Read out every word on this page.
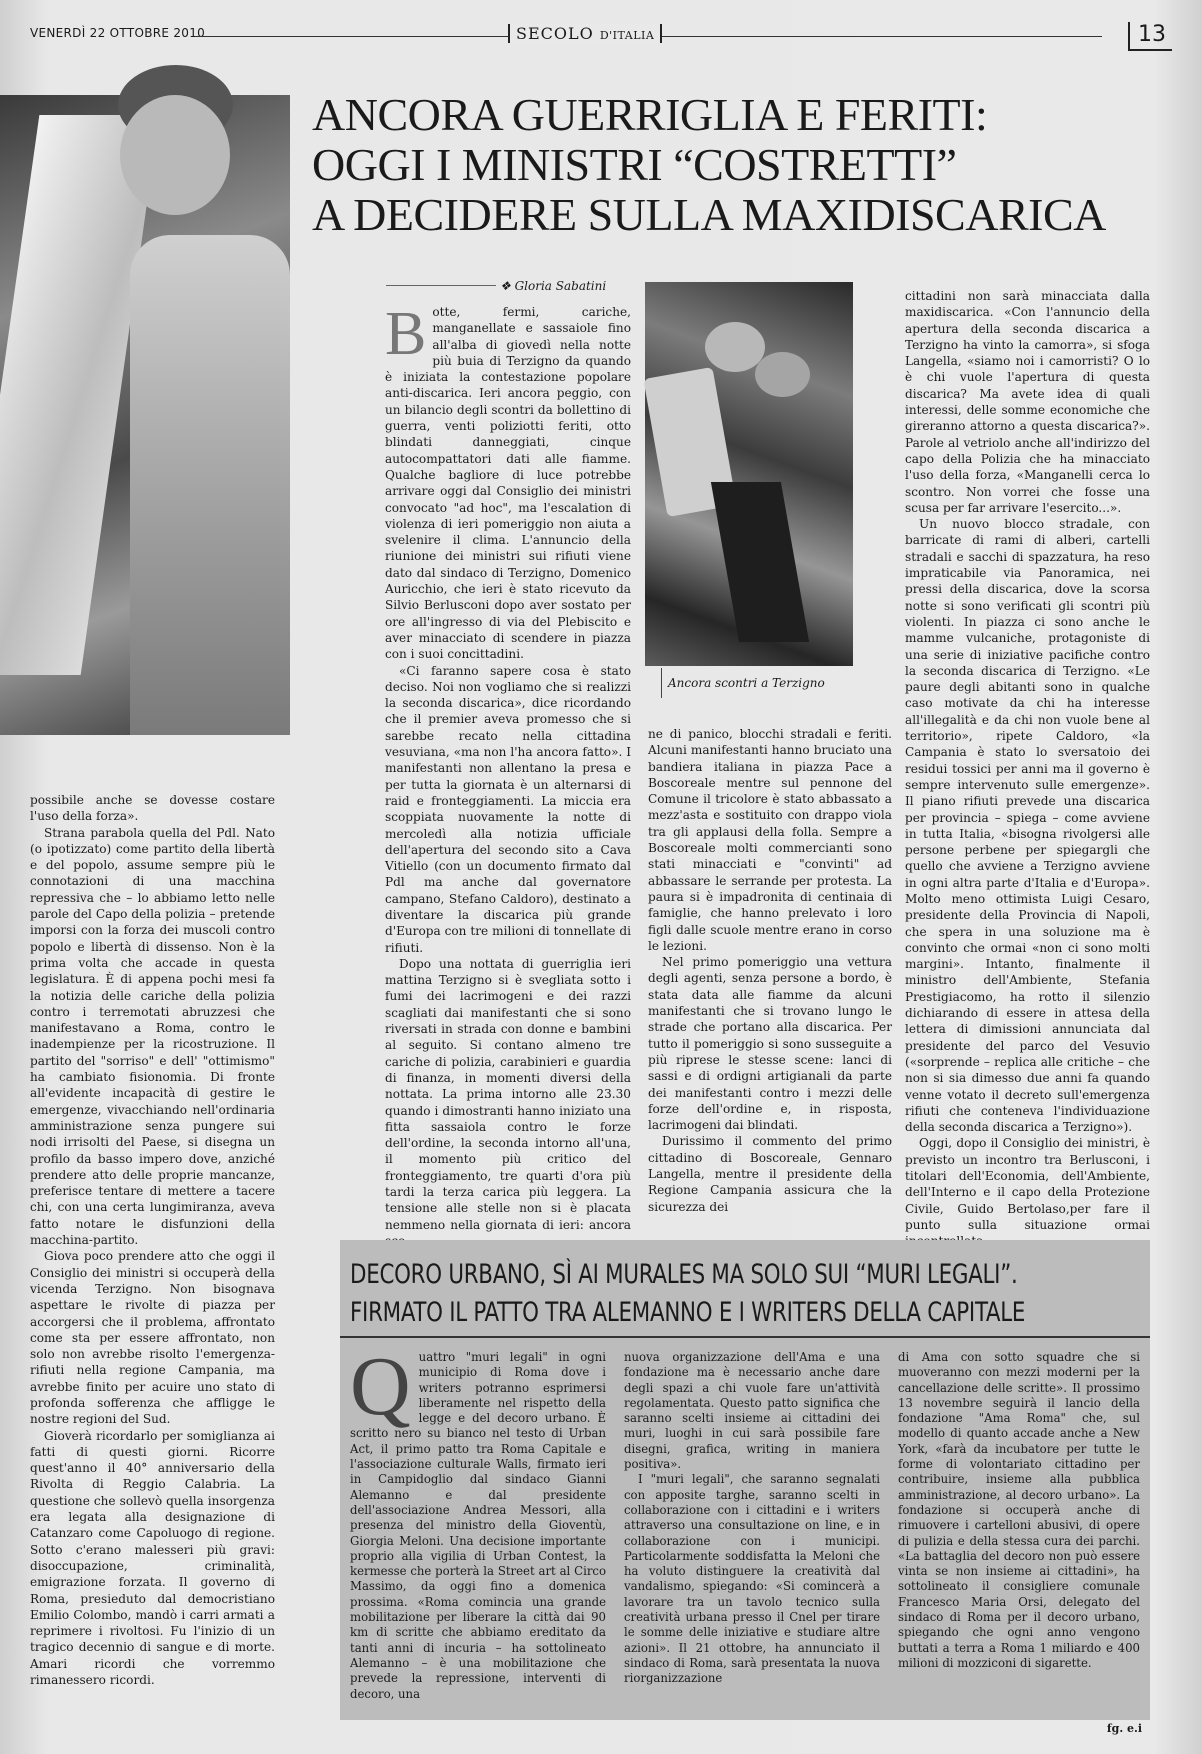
VENERDÌ 22 OTTOBRE 2010	SECOLO D'ITALIA	13
ANCORA GUERRIGLIA E FERITI:
OGGI I MINISTRI “COSTRETTI”
A DECIDERE SULLA MAXIDISCARICA
❖ Gloria Sabatini

Botte, fermi, cariche, manganellate e sassaiole fino all'alba di giovedì nella notte più buia di Terzigno da quando è iniziata la contestazione popolare anti-discarica. Ieri ancora peggio, con un bilancio degli scontri da bollettino di guerra, venti poliziotti feriti, otto blindati danneggiati, cinque autocompattatori dati alle fiamme. Qualche bagliore di luce potrebbe arrivare oggi dal Consiglio dei ministri convocato "ad hoc", ma l'escalation di violenza di ieri pomeriggio non aiuta a svelenire il clima. L'annuncio della riunione dei ministri sui rifiuti viene dato dal sindaco di Terzigno, Domenico Auricchio, che ieri è stato ricevuto da Silvio Berlusconi dopo aver sostato per ore all'ingresso di via del Plebiscito e aver minacciato di scendere in piazza con i suoi concittadini.

«Ci faranno sapere cosa è stato deciso. Noi non vogliamo che si realizzi la seconda discarica», dice ricordando che il premier aveva promesso che si sarebbe recato nella cittadina vesuviana, «ma non l'ha ancora fatto». I manifestanti non allentano la presa e per tutta la giornata è un alternarsi di raid e fronteggiamenti. La miccia era scoppiata nuovamente la notte di mercoledì alla notizia ufficiale dell'apertura del secondo sito a Cava Vitiello (con un documento firmato dal Pdl ma anche dal governatore campano, Stefano Caldoro), destinato a diventare la discarica più grande d'Europa con tre milioni di tonnellate di rifiuti.

Dopo una nottata di guerriglia ieri mattina Terzigno si è svegliata sotto i fumi dei lacrimogeni e dei razzi scagliati dai manifestanti che si sono riversati in strada con donne e bambini al seguito. Si contano almeno tre cariche di polizia, carabinieri e guardia di finanza, in momenti diversi della nottata. La prima intorno alle 23.30 quando i dimostranti hanno iniziato una fitta sassaiola contro le forze dell'ordine, la seconda intorno all'una, il momento più critico del fronteggiamento, tre quarti d'ora più tardi la terza carica più leggera. La tensione alle stelle non si è placata nemmeno nella giornata di ieri: ancora

Ancora scontri a Terzigno

ne di panico, blocchi stradali e feriti. Alcuni manifestanti hanno bruciato una bandiera italiana in piazza Pace a Boscoreale mentre sul pennone del Comune il tricolore è stato abbassato a mezz'asta e sostituito con drappo viola tra gli applausi della folla. Sempre a Boscoreale molti commercianti sono stati minacciati e "convinti" ad abbassare le serrande per protesta. La paura si è impadronita di centinaia di famiglie, che hanno prelevato i loro figli dalle scuole mentre erano in corso le lezioni.

Nel primo pomeriggio una vettura degli agenti, senza persone a bordo, è stata data alle fiamme da alcuni manifestanti che si trovano lungo le strade che portano alla discarica. Per tutto il pomeriggio si sono susseguite a più riprese le stesse scene: lanci di sassi e di ordigni artigianali da parte dei manifestanti contro i mezzi delle forze dell'ordine e, in risposta, lacrimogeni dai blindati.

Durissimo il commento del primo cittadino di Boscoreale, Gennaro Langella, mentre il presidente della Regione Campania assicura che la sicurezza dei

cittadini non sarà minacciata dalla maxidiscarica. «Con l'annuncio della apertura della seconda discarica a Terzigno ha vinto la camorra», si sfoga Langella, «siamo noi i camorristi? O lo è chi vuole l'apertura di questa discarica? Ma avete idea di quali interessi, delle somme economiche che gireranno attorno a questa discarica?». Parole al vetriolo anche all'indirizzo del capo della Polizia che ha minacciato l'uso della forza, «Manganelli cerca lo scontro. Non vorrei che fosse una scusa per far arrivare l'esercito...».

Un nuovo blocco stradale, con barricate di rami di alberi, cartelli stradali e sacchi di spazzatura, ha reso impraticabile via Panoramica, nei pressi della discarica, dove la scorsa notte si sono verificati gli scontri più violenti. In piazza ci sono anche le mamme vulcaniche, protagoniste di una serie di iniziative pacifiche contro la seconda discarica di Terzigno. «Le paure degli abitanti sono in qualche caso motivate da chi ha interesse all'illegalità e da chi non vuole bene al territorio», ripete Caldoro, «la Campania è stato lo sversatoio dei residui tossici per anni ma il governo è sempre intervenuto sulle emergenze». Il piano rifiuti prevede una discarica per provincia – spiega – come avviene in tutta Italia, «bisogna rivolgersi alle persone perbene per spiegargli che quello che avviene a Terzigno avviene in ogni altra parte d'Italia e d'Europa». Molto meno ottimista Luigi Cesaro, presidente della Provincia di Napoli, che spera in una soluzione ma è convinto che ormai «non ci sono molti margini». Intanto, finalmente il ministro dell'Ambiente, Stefania Prestigiacomo, ha rotto il silenzio dichiarando di essere in attesa della lettera di dimissioni annunciata dal presidente del parco del Vesuvio («sorprende – replica alle critiche – che non si sia dimesso due anni fa quando venne votato il decreto sull'emergenza rifiuti che conteneva l'individuazione della seconda discarica a Terzigno»).

Oggi, dopo il Consiglio dei ministri, è previsto un incontro tra Berlusconi, i titolari dell'Economia, dell'Ambiente, dell'Interno e il capo della Protezione Civile, Guido Bertolaso,per fare il punto sulla situazione ormai

possibile anche se dovesse costare l'uso della forza».

Strana parabola quella del Pdl. Nato (o ipotizzato) come partito della libertà e del popolo, assume sempre più le connotazioni di una macchina repressiva che – lo abbiamo letto nelle parole del Capo della polizia – pretende imporsi con la forza dei muscoli contro popolo e libertà di dissenso. Non è la prima volta che accade in questa legislatura. È di appena pochi mesi fa la notizia delle cariche della polizia contro i terremotati abruzzesi che manifestavano a Roma, contro le inadempienze per la ricostruzione. Il partito del "sorriso" e dell' "ottimismo" ha cambiato fisionomia. Di fronte all'evidente incapacità di gestire le emergenze, vivacchiando nell'ordinaria amministrazione senza pungere sui nodi irrisolti del Paese, si disegna un profilo da basso impero dove, anziché prendere atto delle proprie mancanze, preferisce tentare di mettere a tacere chi, con una certa lungimiranza, aveva fatto notare le disfunzioni della macchina-partito.

Giova poco prendere atto che oggi il Consiglio dei ministri si occuperà della vicenda Terzigno. Non bisognava aspettare le rivolte di piazza per accorgersi che il problema, affrontato come sta per essere affrontato, non solo non avrebbe risolto l'emergenza-rifiuti nella regione Campania, ma avrebbe finito per acuire uno stato di profonda sofferenza che affligge le nostre regioni del Sud.

Gioverà ricordarlo per somiglianza ai fatti di questi giorni. Ricorre quest'anno il 40° anniversario della Rivolta di Reggio Calabria. La questione che sollevò quella insorgenza era legata alla designazione di Catanzaro come Capoluogo di regione. Sotto c'erano malesseri più gravi: disoccupazione, criminalità, emigrazione forzata. Il governo di Roma, presieduto dal democristiano Emilio Colombo, mandò i carri armati a reprimere i rivoltosi. Fu l'inizio di un tragico decennio di sangue e di morte. Amari ricordi che vorremmo rimanessero ricordi.

Quattro "muri legali" in ogni municipio di Roma dove i writers potranno esprimersi liberamente nel rispetto della legge e del decoro urbano. È scritto nero su bianco nel testo di Urban Act, il primo patto tra Roma Capitale e l'associazione culturale Walls, firmato ieri in Campidoglio dal sindaco Gianni Alemanno e dal presidente dell'associazione Andrea Messori, alla presenza del ministro della Gioventù, Giorgia Meloni. Una decisione importante proprio alla vigilia di Urban Contest, la kermesse che porterà la Street art al Circo Massimo, da oggi fino a domenica prossima. «Roma comincia una grande mobilitazione per liberare la città dai 90 km di scritte che abbiamo ereditato da tanti anni di incuria – ha sottolineato Alemanno – è una mobilitazione che prevede la repressione, interventi di decoro, una

nuova organizzazione dell'Ama e una fondazione ma è necessario anche dare degli spazi a chi vuole fare un'attività regolamentata. Questo patto significa che saranno scelti insieme ai cittadini dei muri, luoghi in cui sarà possibile fare disegni, grafica, writing in maniera positiva».

I "muri legali", che saranno segnalati con apposite targhe, saranno scelti in collaborazione con i cittadini e i writers attraverso una consultazione on line, e in collaborazione con i municipi. Particolarmente soddisfatta la Meloni che ha voluto distinguere la creatività dal vandalismo, spiegando: «Si comincerà a lavorare tra un tavolo tecnico sulla creatività urbana presso il Cnel per tirare le somme delle iniziative e studiare altre azioni». Il 21 ottobre, ha annunciato il sindaco di Roma, sarà presentata la nuova riorganizzazione

di Ama con sotto squadre che si muoveranno con mezzi moderni per la cancellazione delle scritte». Il prossimo 13 novembre seguirà il lancio della fondazione "Ama Roma" che, sul modello di quanto accade anche a New York, «farà da incubatore per tutte le forme di volontariato cittadino per contribuire, insieme alla pubblica amministrazione, al decoro urbano». La fondazione si occuperà anche di rimuovere i cartelloni abusivi, di opere di pulizia e della stessa cura dei parchi. «La battaglia del decoro non può essere vinta se non insieme ai cittadini», ha sottolineato il consigliere comunale Francesco Maria Orsi, delegato del sindaco di Roma per il decoro urbano, spiegando che ogni anno vengono buttati a terra a Roma 1 miliardo e 400 milioni di mozziconi di sigarette.

DECORO URBANO, SÌ AI MURALES MA SOLO SUI “MURI LEGALI”.
FIRMATO IL PATTO TRA ALEMANNO E I WRITERS DELLA CAPITALE
fg. e.i
